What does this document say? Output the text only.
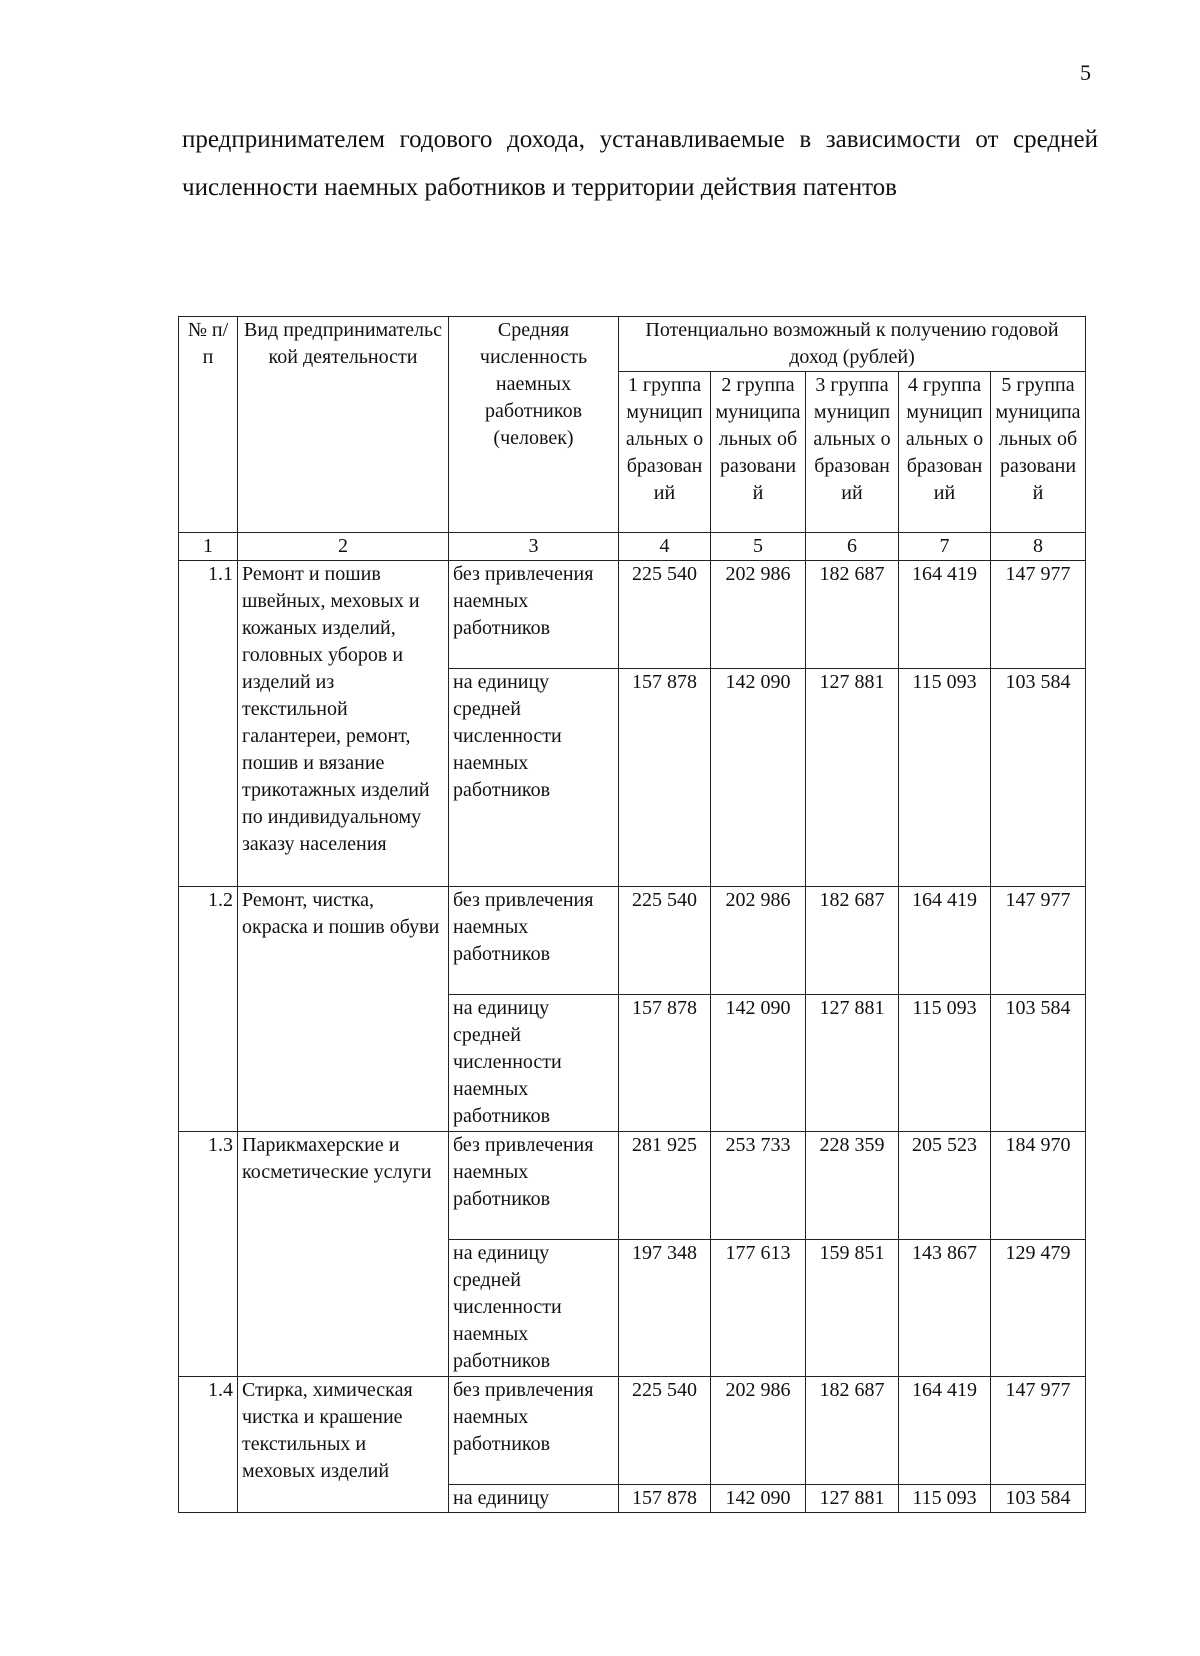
5

предпринимателем годового дохода, устанавливаемые в зависимости от средней численности наемных работников и территории действия патентов

№ п/п	Вид предпринимательской деятельности	Средняя численность наемных работников (человек)	Потенциально возможный к получению годовой доход (рублей)				
			1 группа муниципальных образований	2 группа муниципальных образований	3 группа муниципальных образований	4 группа муниципальных образований	5 группа муниципальных образований
1	2	3	4	5	6	7	8
1.1	Ремонт и пошив швейных, меховых и кожаных изделий, головных уборов и изделий из текстильной галантереи, ремонт, пошив и вязание трикотажных изделий по индивидуальному заказу населения	без привлечения наемных работников	225 540	202 986	182 687	164 419	147 977
		на единицу средней численности наемных работников	157 878	142 090	127 881	115 093	103 584
1.2	Ремонт, чистка, окраска и пошив обуви	без привлечения наемных работников	225 540	202 986	182 687	164 419	147 977
		на единицу средней численности наемных работников	157 878	142 090	127 881	115 093	103 584
1.3	Парикмахерские и косметические услуги	без привлечения наемных работников	281 925	253 733	228 359	205 523	184 970
		на единицу средней численности наемных работников	197 348	177 613	159 851	143 867	129 479
1.4	Стирка, химическая чистка и крашение текстильных и меховых изделий	без привлечения наемных работников	225 540	202 986	182 687	164 419	147 977
		на единицу	157 878	142 090	127 881	115 093	103 584
